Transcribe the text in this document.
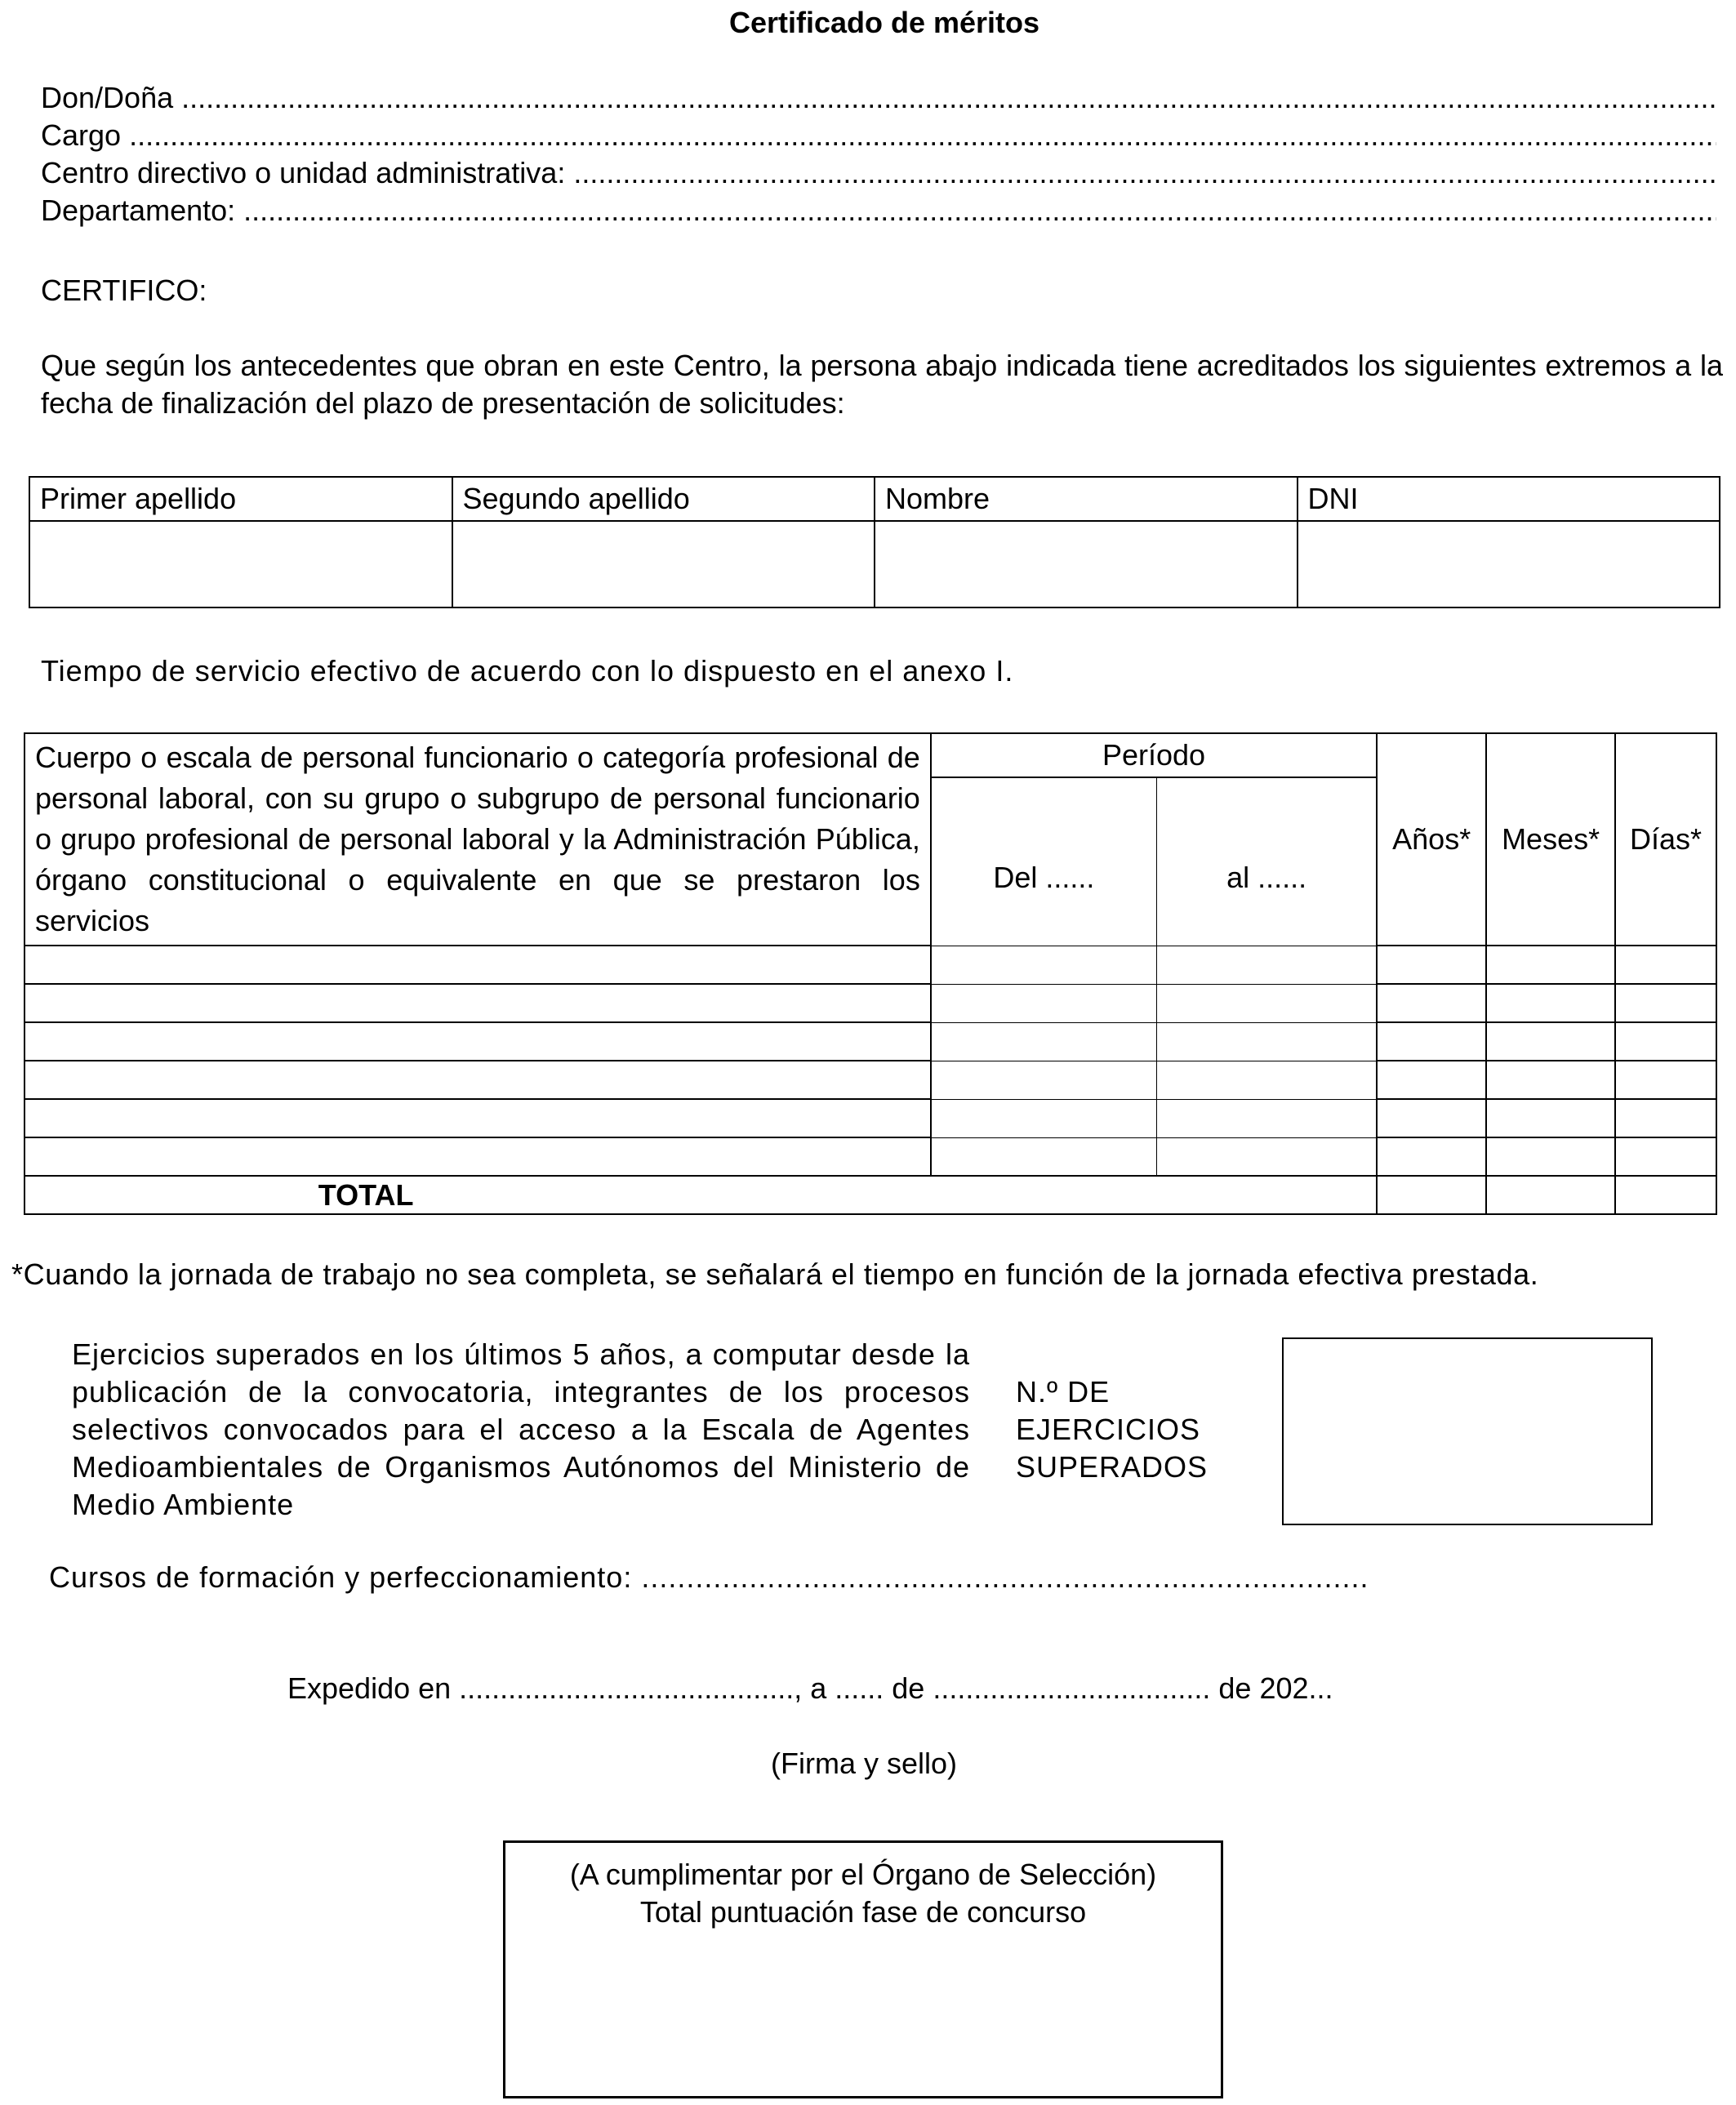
Certificado de méritos
Don/Doña
.....
Cargo
.....
Centro directivo o unidad administrativa:
.....
Departamento:
.....
CERTIFICO:
Que según los antecedentes que obran en este Centro, la persona abajo indicada tiene acreditados los siguientes extremos a la fecha de finalización del plazo de presentación de solicitudes:
Primer apellido	Segundo apellido	Nombre	DNI

Tiempo de servicio efectivo de acuerdo con lo dispuesto en el anexo I.
Cuerpo o escala de personal funcionario o categoría profesional de personal laboral, con su grupo o subgrupo de personal funcionario o grupo profesional de personal laboral y la Administración Pública, órgano constitucional o equivalente en que se prestaron los servicios	Período		Años*	Meses*	Días*
	Del ......	al ......			

TOTAL					
*Cuando la jornada de trabajo no sea completa, se señalará el tiempo en función de la jornada efectiva prestada.
Ejercicios superados en los últimos 5 años, a computar desde la publicación de la convocatoria, integrantes de los procesos selectivos convocados para el acceso a la Escala de Agentes Medioambientales de Organismos Autónomos del Ministerio de Medio Ambiente
N.º DE
EJERCICIOS
SUPERADOS
Cursos de formación y perfeccionamiento: .................................................................................
Expedido en ........................................., a ...... de .................................. de 202...
(Firma y sello)
(A cumplimentar por el Órgano de Selección)
Total puntuación fase de concurso
